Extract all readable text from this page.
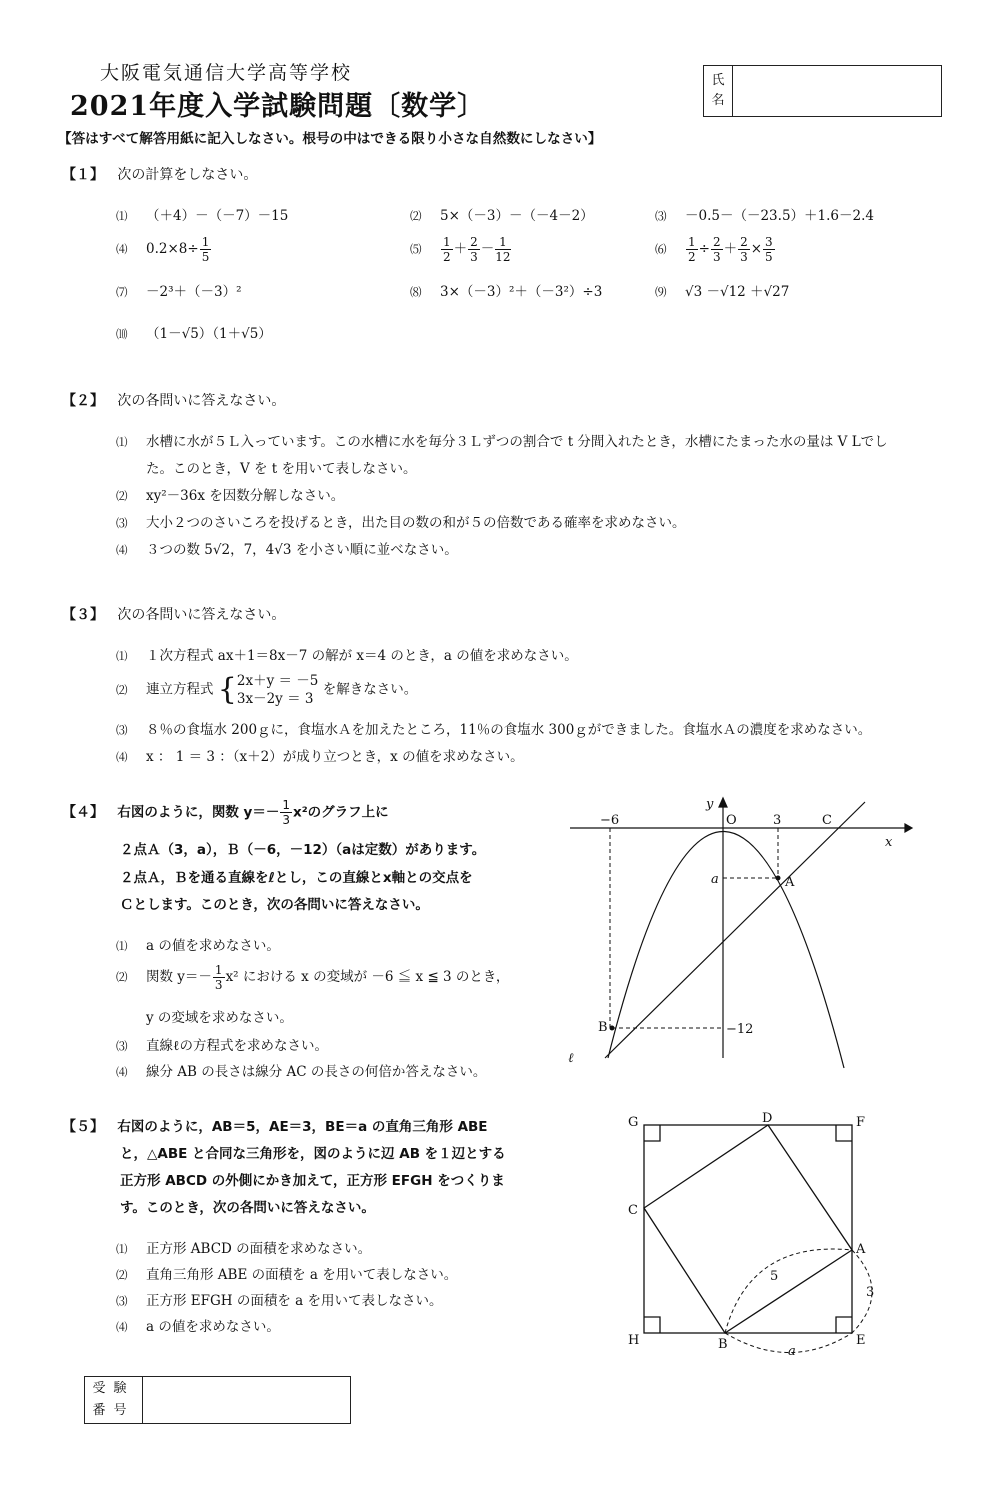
大阪電気通信大学高等学校
2021年度入学試験問題〔数学〕
氏
名
【答はすべて解答用紙に記入しなさい。根号の中はできる限り小さな自然数にしなさい】
【１】 次の計算をしなさい。
⑴ （＋4）－（－7）－15	⑵ 5×（－3）－（－4－2）	⑶ －0.5－（－23.5）＋1.6－2.4
⑷ $0.2\times 8\div \frac{1}{5}$	⑸ $\frac{1}{2} + \frac{2}{3} - \frac{1}{12}$	⑹ $\frac{1}{2} \div \frac{2}{3} + \frac{2}{3} \times \frac{3}{5}$
⑺ －2³＋（－3）²	⑻ 3×（－3）²＋（－3²）÷3	⑼ √3 －√12 ＋√27
⑽ （1－√5）（1＋√5）
【２】 次の各問いに答えなさい。
⑴ 水槽に水が５Ｌ入っています。この水槽に水を毎分３Ｌずつの割合で t 分間入れたとき，水槽にたまった水の量は V Lでし
た。このとき，V を t を用いて表しなさい。
⑵ xy²－36x を因数分解しなさい。
⑶ 大小２つのさいころを投げるとき，出た目の数の和が５の倍数である確率を求めなさい。
⑷ ３つの数 5√2，7，4√3 を小さい順に並べなさい。
【３】 次の各問いに答えなさい。
⑴ １次方程式 ax＋1＝8x－7 の解が x＝4 のとき，a の値を求めなさい。
⑵ 連立方程式 { 2x＋y ＝ －5
3x－2y ＝ 3
を解きなさい。
⑶ ８％の食塩水 200ｇに，食塩水Ａを加えたところ，11％の食塩水 300ｇができました。食塩水Ａの濃度を求めなさい。
⑷ x ： 1 ＝ 3 ：（x＋2）が成り立つとき，x の値を求めなさい。
【４】 右図のように，関数 $y=- \frac{1}{3} x^2$のグラフ上に
２点Ａ（3，a），Ｂ（－6，－12）（aは定数）があります。
２点Ａ，Ｂを通る直線をℓとし，この直線とx軸との交点を
Ｃとします。このとき，次の各問いに答えなさい。
⑴ a の値を求めなさい。
⑵ 関数 $y=- \frac{1}{3} x^2$ における x の変域が －6 ≦ x ≦ 3 のとき，
y の変域を求めなさい。
⑶ 直線ℓの方程式を求めなさい。
⑷ 線分 AB の長さは線分 AC の長さの何倍か答えなさい。
y
x
O
−6	3	C
a	A
B	−12
ℓ
【５】 右図のように，AB＝5，AE＝3，BE＝a の直角三角形 ABE
と，△ABE と合同な三角形を，図のように辺 AB を１辺とする
正方形 ABCD の外側にかき加えて，正方形 EFGH をつくりま
す。このとき，次の各問いに答えなさい。
⑴ 正方形 ABCD の面積を求めなさい。
⑵ 直角三角形 ABE の面積を a を用いて表しなさい。
⑶ 正方形 EFGH の面積を a を用いて表しなさい。
⑷ a の値を求めなさい。
G	D	F
C
A
H	B	E
5
3
a
受験
番号
